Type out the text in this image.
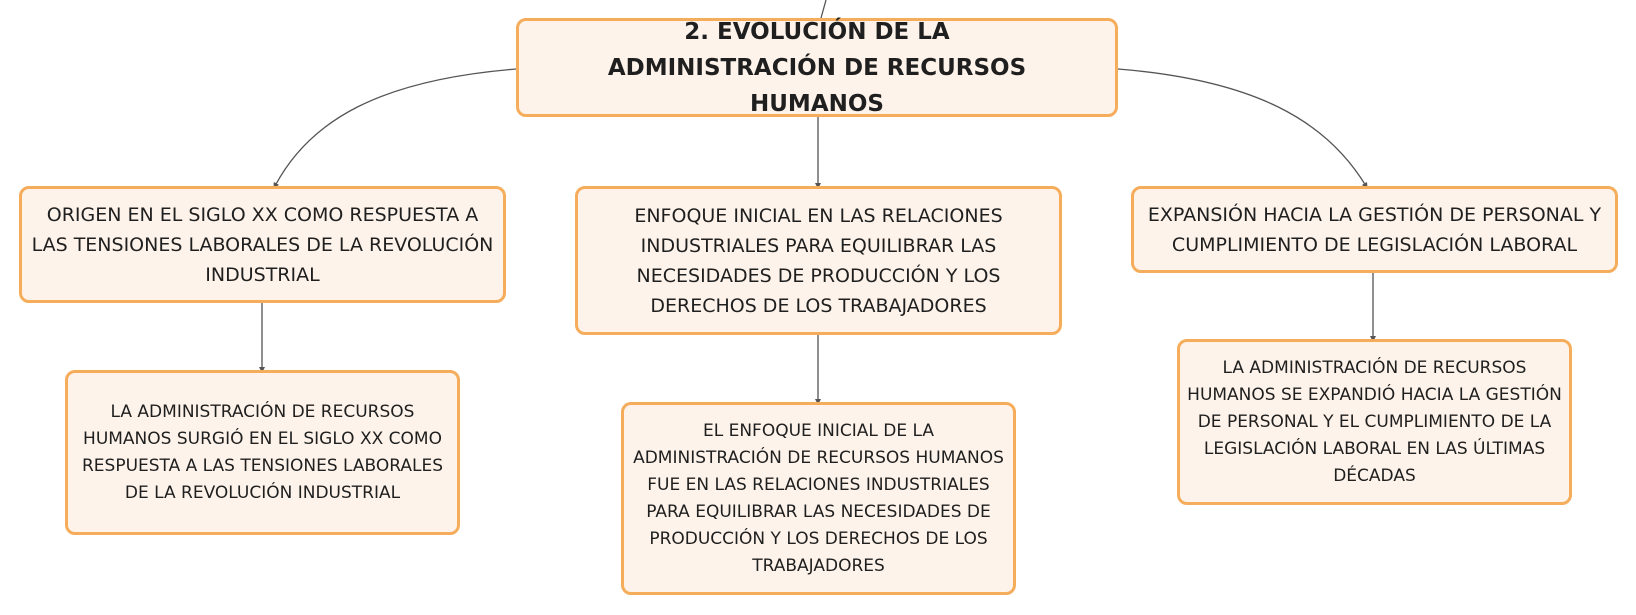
2. EVOLUCIÓN DE LA ADMINISTRACIÓN DE RECURSOS HUMANOS
ORIGEN EN EL SIGLO XX COMO RESPUESTA A LAS TENSIONES LABORALES DE LA REVOLUCIÓN INDUSTRIAL
ENFOQUE INICIAL EN LAS RELACIONES INDUSTRIALES PARA EQUILIBRAR LAS NECESIDADES DE PRODUCCIÓN Y LOS DERECHOS DE LOS TRABAJADORES
EXPANSIÓN HACIA LA GESTIÓN DE PERSONAL Y CUMPLIMIENTO DE LEGISLACIÓN LABORAL
LA ADMINISTRACIÓN DE RECURSOS HUMANOS SURGIÓ EN EL SIGLO XX COMO RESPUESTA A LAS TENSIONES LABORALES DE LA REVOLUCIÓN INDUSTRIAL
EL ENFOQUE INICIAL DE LA ADMINISTRACIÓN DE RECURSOS HUMANOS FUE EN LAS RELACIONES INDUSTRIALES PARA EQUILIBRAR LAS NECESIDADES DE PRODUCCIÓN Y LOS DERECHOS DE LOS TRABAJADORES
LA ADMINISTRACIÓN DE RECURSOS HUMANOS SE EXPANDIÓ HACIA LA GESTIÓN DE PERSONAL Y EL CUMPLIMIENTO DE LA LEGISLACIÓN LABORAL EN LAS ÚLTIMAS DÉCADAS
